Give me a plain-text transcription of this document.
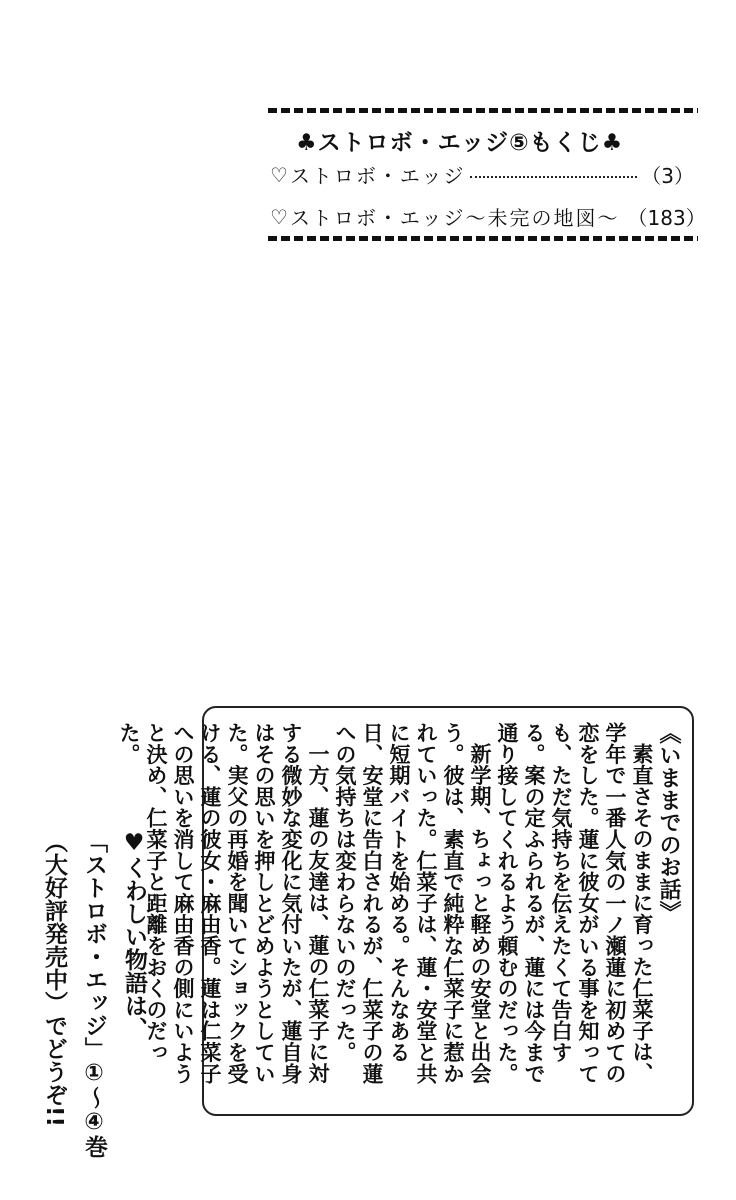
♣ストロボ・エッジ⑤もくじ♣
♡ ストロボ・エッジ	（3）
♡ ストロボ・エッジ〜未完の地図〜 （183）
《いままでのお話》
素直さそのままに育った仁菜子は、学年で一番人気の一ノ瀬蓮に初めての恋をした。蓮に彼女がいる事を知っても、ただ気持ちを伝えたくて告白する。案の定ふられるが、蓮には今まで通り接してくれるよう頼むのだった。
新学期、ちょっと軽めの安堂と出会う。彼は、素直で純粋な仁菜子に惹かれていった。仁菜子は、蓮・安堂と共に短期バイトを始める。そんなある日、安堂に告白されるが、仁菜子の蓮への気持ちは変わらないのだった。
一方、蓮の友達は、蓮の仁菜子に対する微妙な変化に気付いたが、蓮自身はその思いを押しとどめようとしていた。実父の再婚を聞いてショックを受ける、蓮の彼女・麻由香。蓮は仁菜子への思いを消して麻由香の側にいようと決め、仁菜子と距離をおくのだった。
♥くわしい物語は、
「ストロボ・エッジ」①〜④巻
（大好評発売中）でどうぞ!!
